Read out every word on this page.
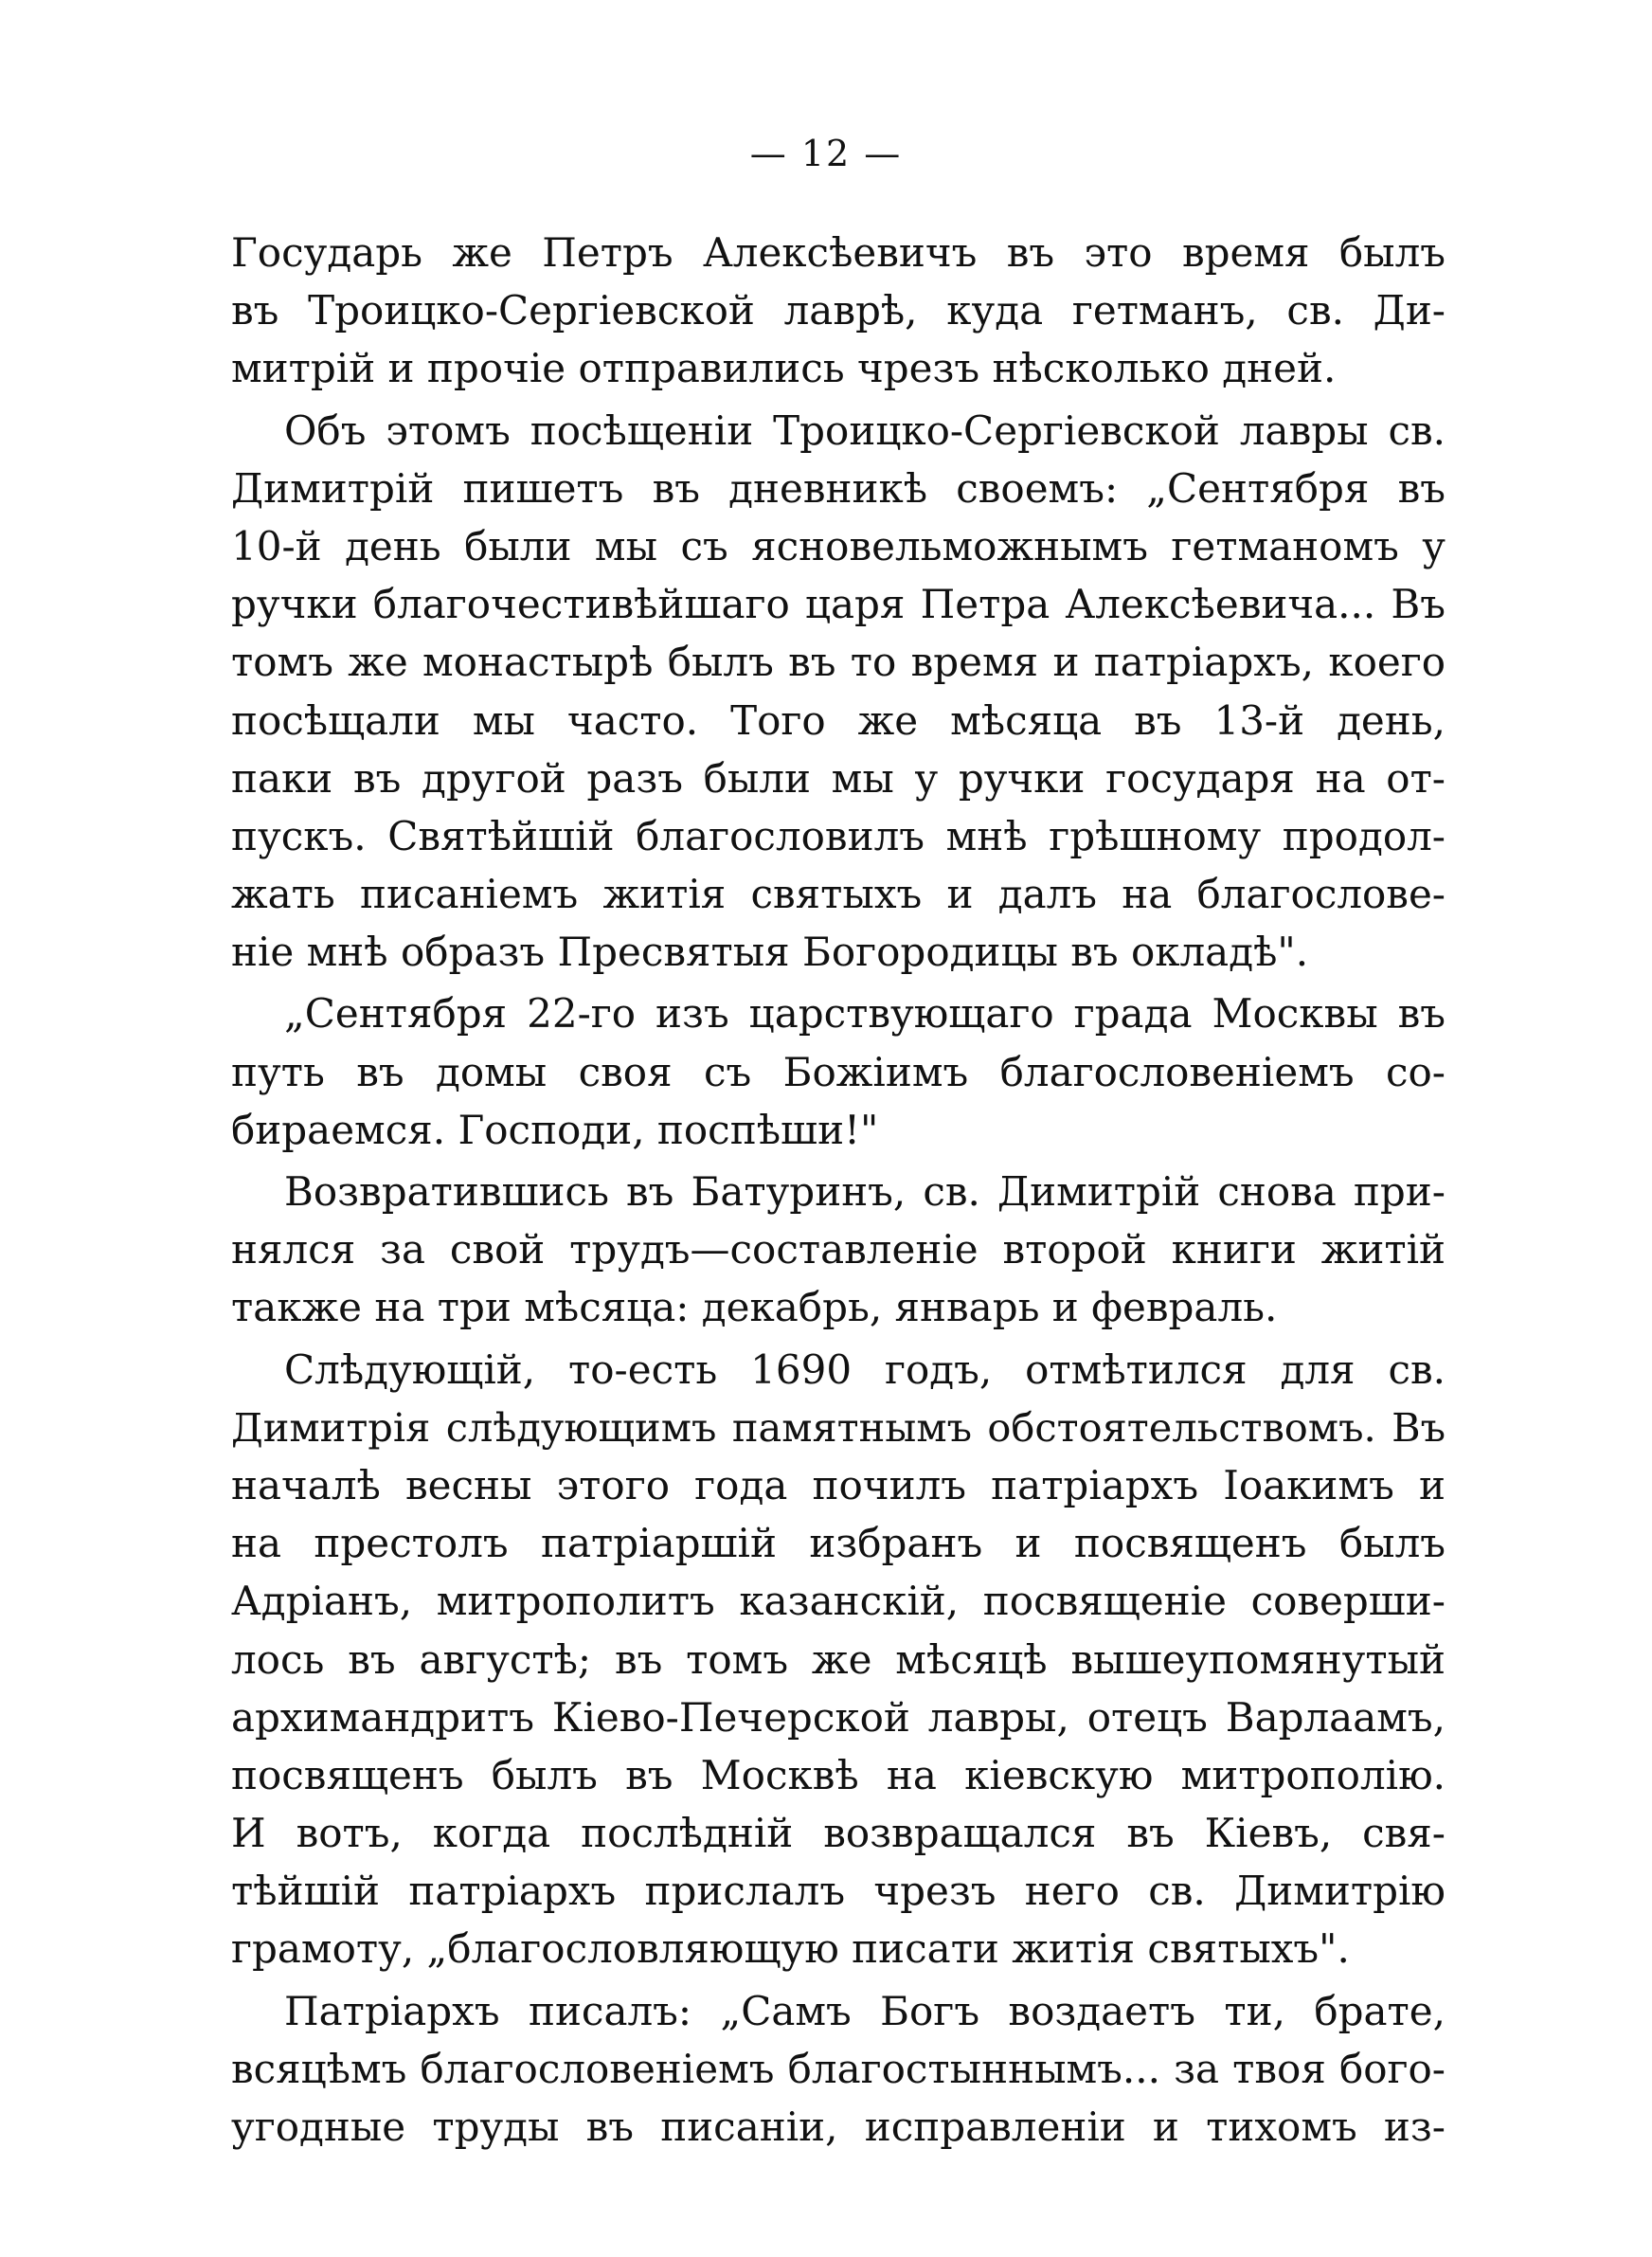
— 12 —
Государь же Петръ Алексѣевичъ въ это время былъ
въ Троицко-Сергіевской лаврѣ, куда гетманъ, св. Ди-
митрій и прочіе отправились чрезъ нѣсколько дней.
Объ этомъ посѣщеніи Троицко-Сергіевской лавры св.
Димитрій пишетъ въ дневникѣ своемъ: „Сентября въ
10-й день были мы съ ясновельможнымъ гетманомъ у
ручки благочестивѣйшаго царя Петра Алексѣевича... Въ
томъ же монастырѣ былъ въ то время и патріархъ, коего
посѣщали мы часто. Того же мѣсяца въ 13-й день,
паки въ другой разъ были мы у ручки государя на от-
пускъ. Святѣйшій благословилъ мнѣ грѣшному продол-
жать писаніемъ житія святыхъ и далъ на благослове-
ніе мнѣ образъ Пресвятыя Богородицы въ окладѣ".
„Сентября 22-го изъ царствующаго града Москвы въ
путь въ домы своя съ Божіимъ благословеніемъ со-
бираемся. Господи, поспѣши!"
Возвратившись въ Батуринъ, св. Димитрій снова при-
нялся за свой трудъ—составленіе второй книги житій
также на три мѣсяца: декабрь, январь и февраль.
Слѣдующій, то-есть 1690 годъ, отмѣтился для св.
Димитрія слѣдующимъ памятнымъ обстоятельствомъ. Въ
началѣ весны этого года почилъ патріархъ Іоакимъ и
на престолъ патріаршій избранъ и посвященъ былъ
Адріанъ, митрополитъ казанскій, посвященіе соверши-
лось въ августѣ; въ томъ же мѣсяцѣ вышеупомянутый
архимандритъ Кіево-Печерской лавры, отецъ Варлаамъ,
посвященъ былъ въ Москвѣ на кіевскую митрополію.
И вотъ, когда послѣдній возвращался въ Кіевъ, свя-
тѣйшій патріархъ прислалъ чрезъ него св. Димитрію
грамоту, „благословляющую писати житія святыхъ".
Патріархъ писалъ: „Самъ Богъ воздаетъ ти, брате,
всяцѣмъ благословеніемъ благостыннымъ... за твоя бого-
угодные труды въ писаніи, исправленіи и тихомъ из-
